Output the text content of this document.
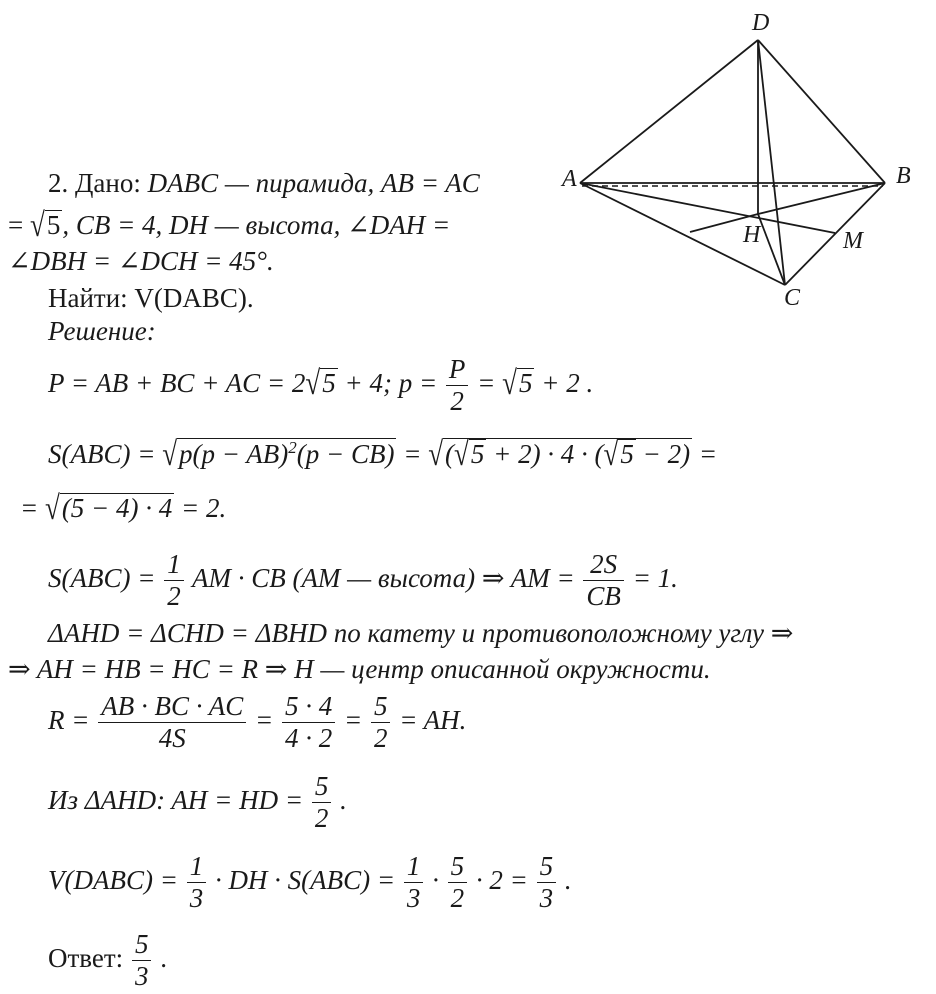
D
A	B
C
H	M
2. Дано: DABC — пирамида, AB = AC
= √5, CB = 4, DH — высота, ∠DAH =
∠DBH = ∠DCH = 45°.
Найти: V(DABC).
Решение:
P = AB + BC + AC = 2√5 + 4; $p = \frac{P}{2} = √5 + 2$ .
S(ABC) = √p(p − AB)$^2$(p − CB) = √(√5 + 2) · 4 · (√5 − 2) =
= √(5 − 4) · 4 = 2.
$S(ABC) = \frac{1}{2}$ AM · CB (AM — высота) ⇒ AM = $\frac{2S}{CB} = 1$.
ΔAHD = ΔCHD = ΔBHD по катету и противоположному углу ⇒
⇒ AH = HB = HC = R ⇒ H — центр описанной окружности.
$R = \frac{AB \cdot BC \cdot AC}{4S} = \frac{5 \cdot 4}{4 \cdot 2} = \frac{5}{2}$ = AH.
Из ΔAHD: AH = HD = $\frac{5}{2}$ .
V(DABC) = $\frac{1}{3}$ · DH · $S(ABC) = \frac{1}{3} \cdot \frac{5}{2} \cdot 2 = \frac{5}{3}$ .
Ответ: $\frac{5}{3}$ .
